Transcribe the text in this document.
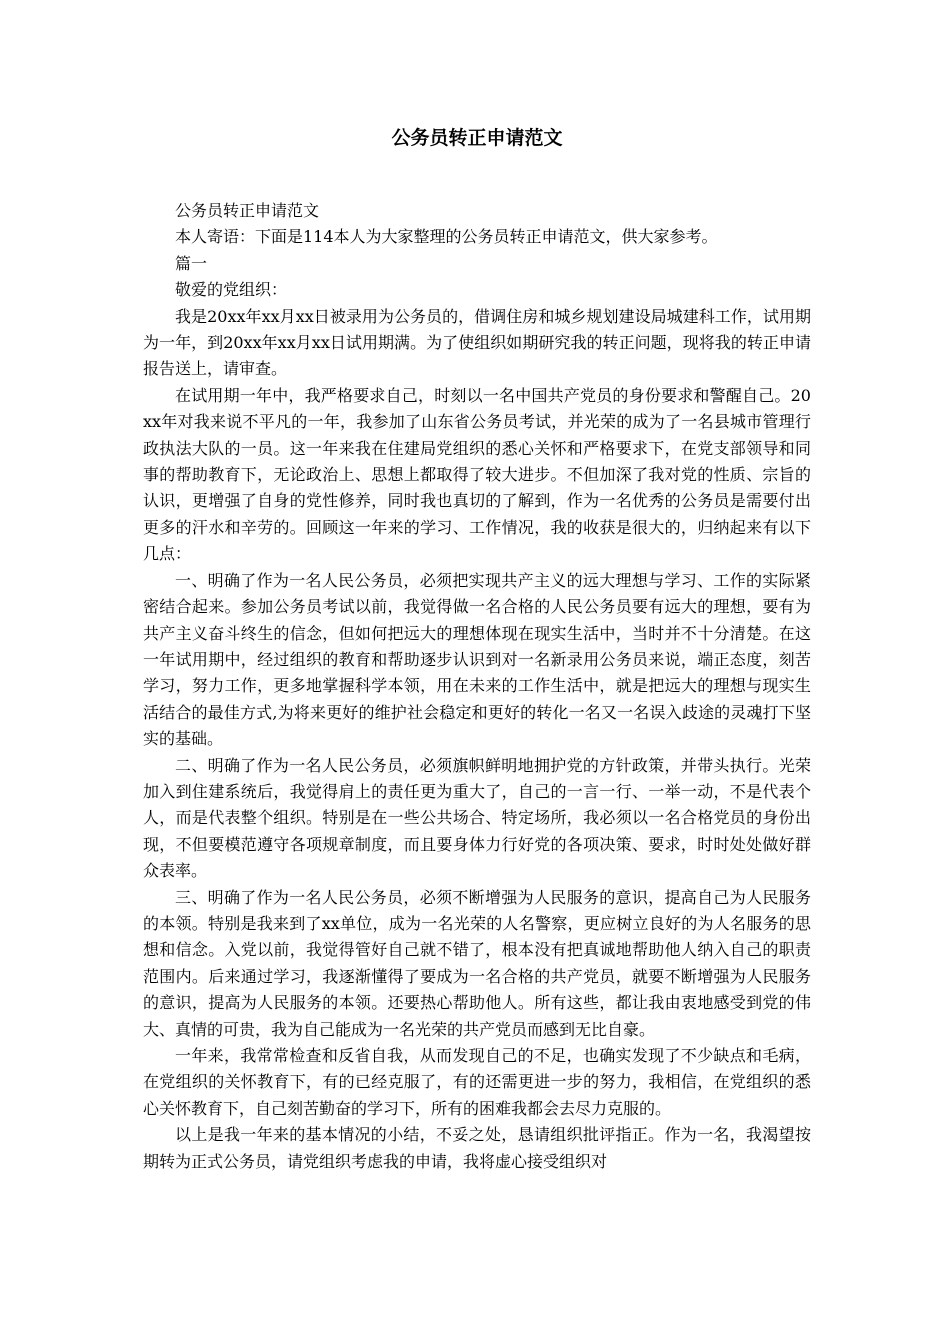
公务员转正申请范文

公务员转正申请范文

本人寄语：下面是114本人为大家整理的公务员转正申请范文，供大家参考。

篇一

敬爱的党组织：

我是20xx年xx月xx日被录用为公务员的，借调住房和城乡规划建设局城建科工作，试用期为一年，到20xx年xx月xx日试用期满。为了使组织如期研究我的转正问题，现将我的转正申请报告送上，请审查。

在试用期一年中，我严格要求自己，时刻以一名中国共产党员的身份要求和警醒自己。20xx年对我来说不平凡的一年，我参加了山东省公务员考试，并光荣的成为了一名县城市管理行政执法大队的一员。这一年来我在住建局党组织的悉心关怀和严格要求下，在党支部领导和同事的帮助教育下，无论政治上、思想上都取得了较大进步。不但加深了我对党的性质、宗旨的认识，更增强了自身的党性修养，同时我也真切的了解到，作为一名优秀的公务员是需要付出更多的汗水和辛劳的。回顾这一年来的学习、工作情况，我的收获是很大的，归纳起来有以下几点：

一、明确了作为一名人民公务员，必须把实现共产主义的远大理想与学习、工作的实际紧密结合起来。参加公务员考试以前，我觉得做一名合格的人民公务员要有远大的理想，要有为共产主义奋斗终生的信念，但如何把远大的理想体现在现实生活中，当时并不十分清楚。在这一年试用期中，经过组织的教育和帮助逐步认识到对一名新录用公务员来说，端正态度，刻苦学习，努力工作，更多地掌握科学本领，用在未来的工作生活中，就是把远大的理想与现实生活结合的最佳方式,为将来更好的维护社会稳定和更好的转化一名又一名误入歧途的灵魂打下坚实的基础。

二、明确了作为一名人民公务员，必须旗帜鲜明地拥护党的方针政策，并带头执行。光荣加入到住建系统后，我觉得肩上的责任更为重大了，自己的一言一行、一举一动，不是代表个人，而是代表整个组织。特别是在一些公共场合、特定场所，我必须以一名合格党员的身份出现，不但要模范遵守各项规章制度，而且要身体力行好党的各项决策、要求，时时处处做好群众表率。

三、明确了作为一名人民公务员，必须不断增强为人民服务的意识，提高自己为人民服务的本领。特别是我来到了xx单位，成为一名光荣的人名警察，更应树立良好的为人名服务的思想和信念。入党以前，我觉得管好自己就不错了，根本没有把真诚地帮助他人纳入自己的职责范围内。后来通过学习，我逐渐懂得了要成为一名合格的共产党员，就要不断增强为人民服务的意识，提高为人民服务的本领。还要热心帮助他人。所有这些，都让我由衷地感受到党的伟大、真情的可贵，我为自己能成为一名光荣的共产党员而感到无比自豪。

一年来，我常常检查和反省自我，从而发现自己的不足，也确实发现了不少缺点和毛病，在党组织的关怀教育下，有的已经克服了，有的还需更进一步的努力，我相信，在党组织的悉心关怀教育下，自己刻苦勤奋的学习下，所有的困难我都会去尽力克服的。

以上是我一年来的基本情况的小结，不妥之处，恳请组织批评指正。作为一名，我渴望按期转为正式公务员，请党组织考虑我的申请，我将虚心接受组织对
